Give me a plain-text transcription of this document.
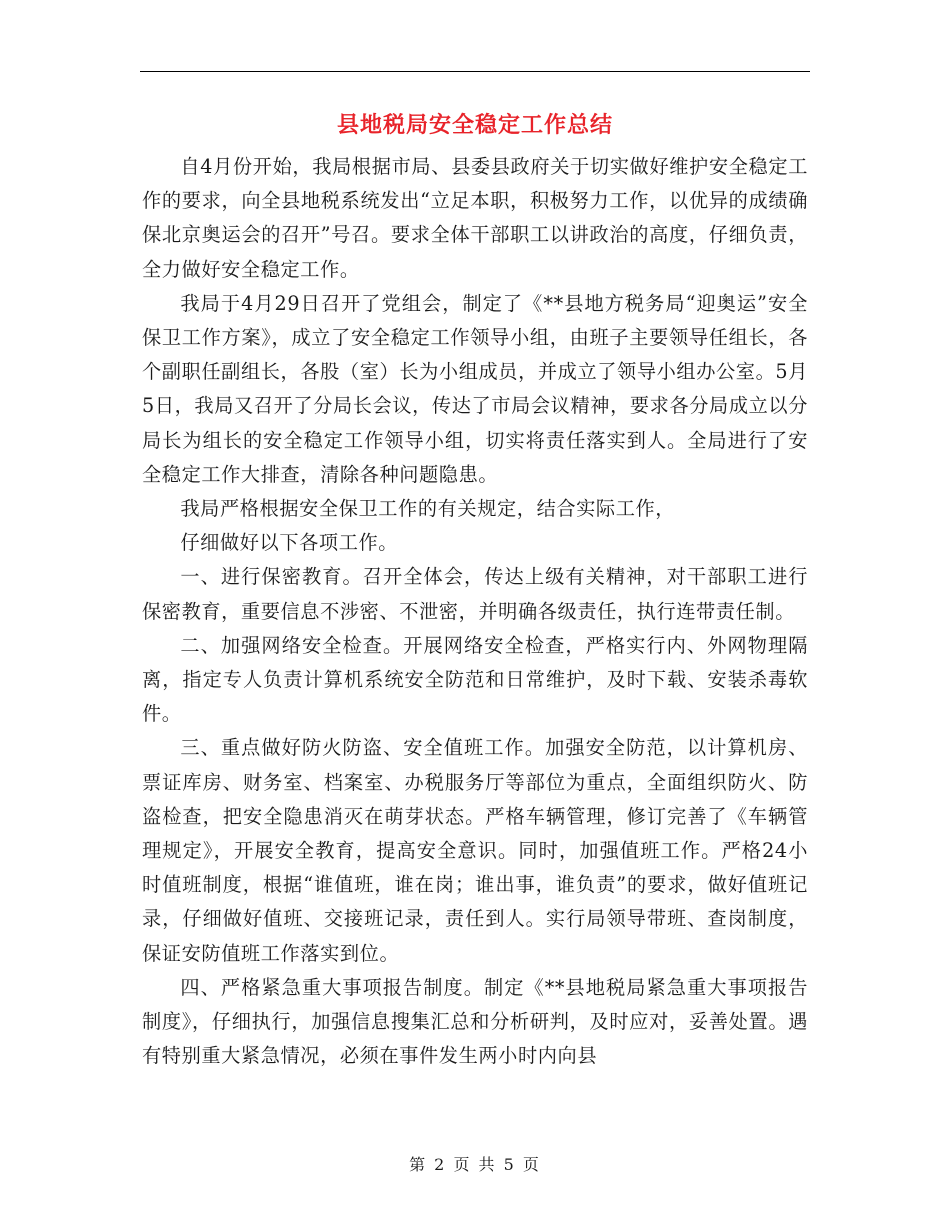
县地税局安全稳定工作总结

自4月份开始，我局根据市局、县委县政府关于切实做好维护安全稳定工作的要求，向全县地税系统发出“立足本职，积极努力工作，以优异的成绩确保北京奥运会的召开”号召。要求全体干部职工以讲政治的高度，仔细负责，全力做好安全稳定工作。

我局于4月29日召开了党组会，制定了《**县地方税务局“迎奥运”安全保卫工作方案》，成立了安全稳定工作领导小组，由班子主要领导任组长，各个副职任副组长，各股（室）长为小组成员，并成立了领导小组办公室。5月5日，我局又召开了分局长会议，传达了市局会议精神，要求各分局成立以分局长为组长的安全稳定工作领导小组，切实将责任落实到人。全局进行了安全稳定工作大排查，清除各种问题隐患。

我局严格根据安全保卫工作的有关规定，结合实际工作，

仔细做好以下各项工作。

一、进行保密教育。召开全体会，传达上级有关精神，对干部职工进行保密教育，重要信息不涉密、不泄密，并明确各级责任，执行连带责任制。

二、加强网络安全检查。开展网络安全检查，严格实行内、外网物理隔离，指定专人负责计算机系统安全防范和日常维护，及时下载、安装杀毒软件。

三、重点做好防火防盗、安全值班工作。加强安全防范，以计算机房、票证库房、财务室、档案室、办税服务厅等部位为重点，全面组织防火、防盗检查，把安全隐患消灭在萌芽状态。严格车辆管理，修订完善了《车辆管理规定》，开展安全教育，提高安全意识。同时，加强值班工作。严格24小时值班制度，根据“谁值班，谁在岗；谁出事，谁负责”的要求，做好值班记录，仔细做好值班、交接班记录，责任到人。实行局领导带班、查岗制度，保证安防值班工作落实到位。

四、严格紧急重大事项报告制度。制定《**县地税局紧急重大事项报告制度》，仔细执行，加强信息搜集汇总和分析研判，及时应对，妥善处置。遇有特别重大紧急情况，必须在事件发生两小时内向县

第 2 页 共 5 页
